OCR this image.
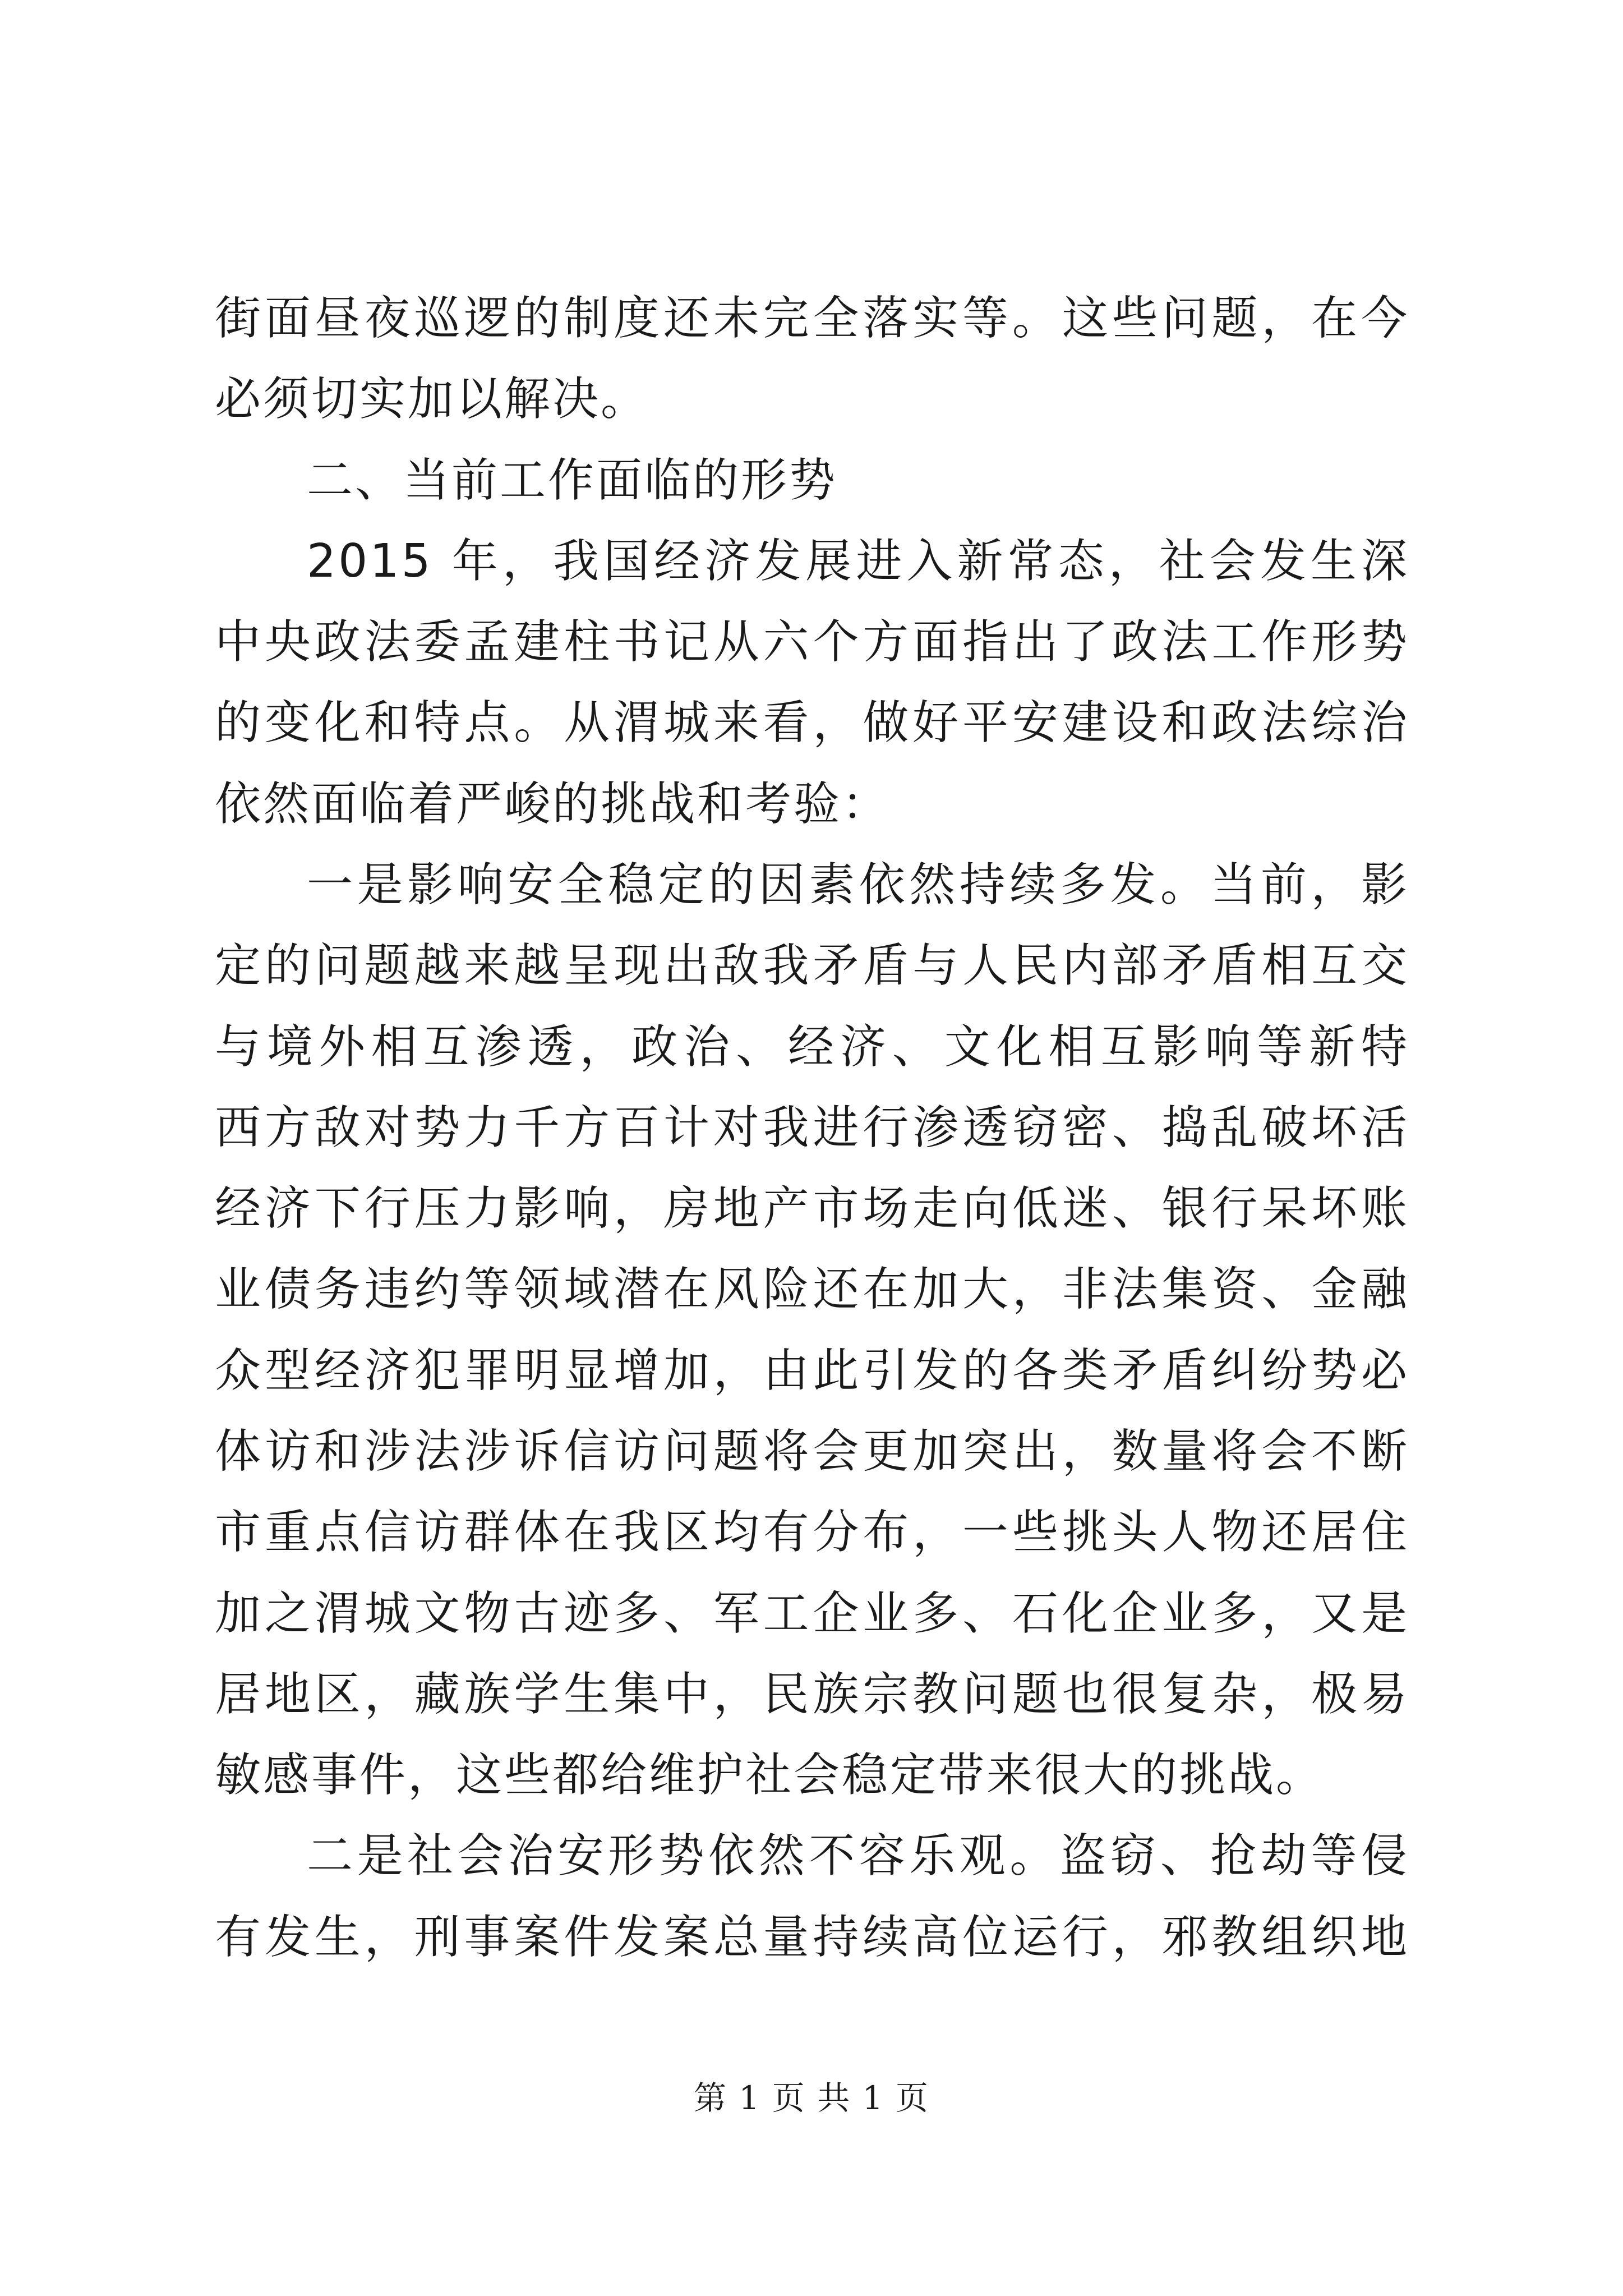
街面昼夜巡逻的制度还未完全落实等。这些问题，在今
必须切实加以解决。
二、当前工作面临的形势
2015 年，我国经济发展进入新常态，社会发生深
中央政法委孟建柱书记从六个方面指出了政法工作形势
的变化和特点。从渭城来看，做好平安建设和政法综治
依然面临着严峻的挑战和考验：
一是影响安全稳定的因素依然持续多发。当前，影
定的问题越来越呈现出敌我矛盾与人民内部矛盾相互交
与境外相互渗透，政治、经济、文化相互影响等新特
西方敌对势力千方百计对我进行渗透窃密、捣乱破坏活
经济下行压力影响，房地产市场走向低迷、银行呆坏账
业债务违约等领域潜在风险还在加大，非法集资、金融
众型经济犯罪明显增加，由此引发的各类矛盾纠纷势必
体访和涉法涉诉信访问题将会更加突出，数量将会不断
市重点信访群体在我区均有分布，一些挑头人物还居住
加之渭城文物古迹多、军工企业多、石化企业多，又是
居地区，藏族学生集中，民族宗教问题也很复杂，极易
敏感事件，这些都给维护社会稳定带来很大的挑战。
二是社会治安形势依然不容乐观。盗窃、抢劫等侵
有发生，刑事案件发案总量持续高位运行，邪教组织地
第 1 页 共 1 页
